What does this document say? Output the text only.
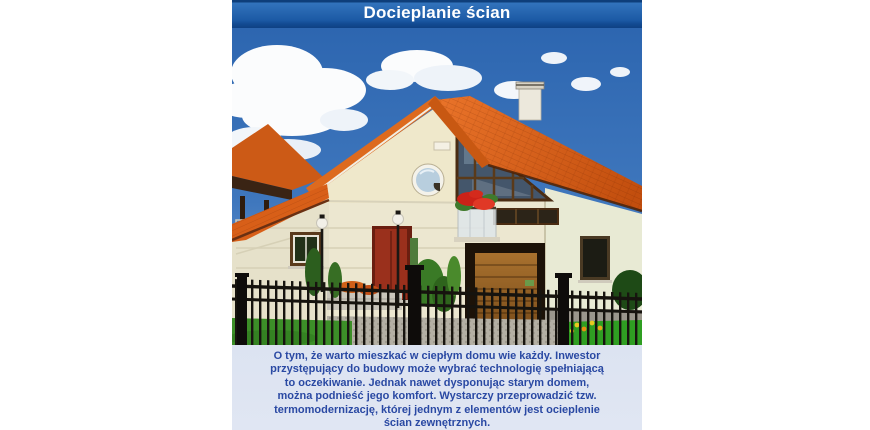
Docieplanie ścian
O tym, że warto mieszkać w ciepłym domu wie każdy. Inwestor
przystępujący do budowy może wybrać technologię spełniającą
to oczekiwanie. Jednak nawet dysponując starym domem,
można podnieść jego komfort. Wystarczy przeprowadzić tzw.
termomodernizację, której jednym z elementów jest ocieplenie
ścian zewnętrznych.
